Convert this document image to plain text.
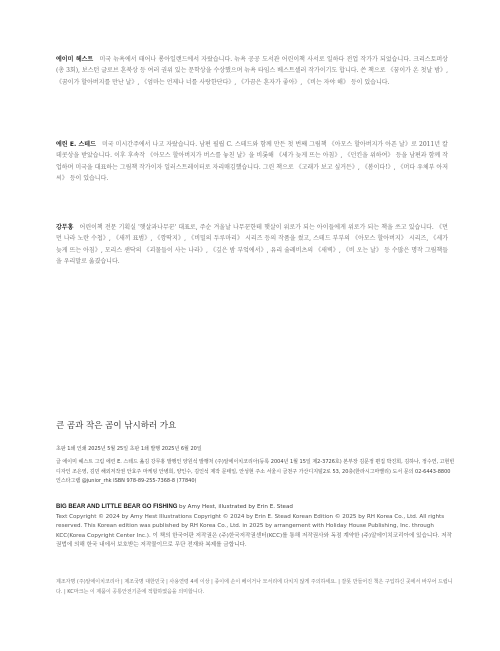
에이미 헤스트 미국 뉴욕에서 태어나 롱아일랜드에서 자랐습니다. 뉴욕 공공 도서관 어린이책 사서로 일하다 전업 작가가 되었습니다. 크리스토퍼상(총 3회), 보스턴 글로브 혼북상 등 여러 권위 있는 문학상을 수상했으며 뉴욕 타임스 베스트셀러 작가이기도 합니다. 쓴 책으로 《꿈이가 온 첫날 밤》, 《꿈이가 할아버지를 만난 날》, 《엄마는 언제나 너를 사랑한단다》, 《가끔은 혼자가 좋아》, 《비는 자야 해》 등이 있습니다.

에린 E. 스테드 미국 미시간주에서 나고 자랐습니다. 남편 필립 C. 스테드와 함께 만든 첫 번째 그림책 《아모스 할아버지가 아픈 날》로 2011년 칼데콧상을 받았습니다. 이후 후속작 《아모스 할아버지가 버스를 놓친 날》을 비롯해 《세가 늦게 뜨는 아침》, 《던킨을 위하여》 등을 남편과 함께 작업하며 미국을 대표하는 그림책 작가이자 일러스트레이터로 자리매김했습니다. 그린 책으로 《고래가 보고 싶거든》, 《봄이다!》, 《머다 우체부 아저씨》 등이 있습니다.

강무홍 어린이책 전문 기획실 '햇살과나무꾼' 대표로, 주순 겨울날 나무꾼한테 햇살이 위로가 되는 아이들에게 위로가 되는 책을 쓰고 있습니다. 《먼먼 나라 노란 수첩》, 《새끼 표범》, 《깡딱지》, 《비밀의 두루마리》 시리즈 등의 작품을 썼고, 스테드 부부의 《아모스 할아버지》 시리즈, 《세가 늦게 뜨는 아침》, 모리스 샌닥의 《괴물들이 사는 나라》, 《깊은 밤 부엌에서》, 유리 슐레비츠의 《새벽》, 《비 오는 날》 등 수많은 명작 그림책들을 우리말로 옮겼습니다.

큰 곰과 작은 곰이 낚시하러 가요

초판 1쇄 인쇄 2025년 5월 25일 초판 1쇄 발행 2025년 6월 20일

글 에이미 헤스트 그림 에린 E. 스테드 옮김 강무홍 발행인 양원석 발행처 (주)알에이치코리아(등록 2004년 1월 15일 제2-3726호) 본부장 김문정 편집 박진희, 김하나, 정수연, 고현빈 디자인 조은영, 김민 해외저작권 안효주 마케팅 안병희, 양인수, 김인석 제작 문태일, 안성현 주소 서울시 금천구 가산디지털2로 53, 20층(한라시그마밸리) 도서 문의 02-6443-8800 인스타그램 @junior_rhk ISBN 978-89-255-7368-8 (77840)

BIG BEAR AND LITTLE BEAR GO FISHING by Amy Hest, illustrated by Erin E. Stead
Text Copyright © 2024 by Amy Hest Illustrations Copyright © 2024 by Erin E. Stead Korean Edition © 2025 by RH Korea Co., Ltd. All rights reserved. This Korean edition was published by RH Korea Co., Ltd. in 2025 by arrangement with Holiday House Publishing, Inc. through KCC(Korea Copyright Center Inc.). 이 책의 한국어판 저작권은 (주)한국저작권센터(KCC)를 통해 저작권사와 독점 계약한 (주)알에이치코리아에 있습니다. 저작권법에 의해 한국 내에서 보호받는 저작물이므로 무단 전재와 복제를 금합니다.

제조자명 (주)알에이치코리아 | 제조국명 대한민국 | 사용연령 4세 이상 | 종이에 손이 베이거나 모서리에 다치지 않게 주의하세요. | 잘못 만들어진 책은 구입하신 곳에서 바꾸어 드립니다. | KC마크는 이 제품이 공통안전기준에 적합하였음을 의미합니다.
